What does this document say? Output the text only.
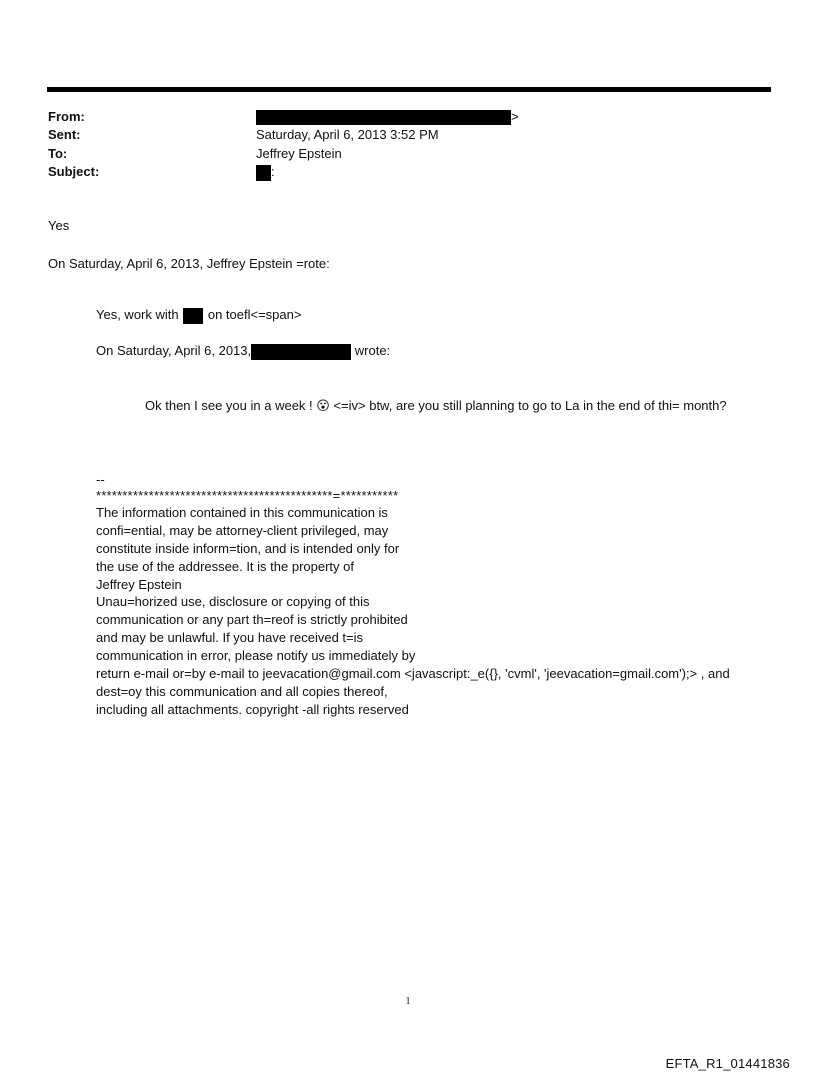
From:
Sent:
To:
Subject:
>
Saturday, April 6, 2013 3:52 PM
Jeffrey Epstein
:
Yes
On Saturday, April 6, 2013, Jeffrey Epstein =rote:
Yes, work with on toefl<=span>
On Saturday, April 6, 2013,	wrote:
Ok then I see you in a week ! 😮 <=iv> btw, are you still planning to go to La in the end of thi= month?
--
*********************************************=***********
The information contained in this communication is
confi=ential, may be attorney-client privileged, may
constitute inside inform=tion, and is intended only for
the use of the addressee. It is the property of
Jeffrey Epstein
Unau=horized use, disclosure or copying of this
communication or any part th=reof is strictly prohibited
and may be unlawful. If you have received t=is
communication in error, please notify us immediately by
return e-mail or=by e-mail to jeevacation@gmail.com <javascript:_e({}, 'cvml', 'jeevacation=gmail.com');> , and
dest=oy this communication and all copies thereof,
including all attachments. copyright -all rights reserved
1
EFTA_R1_01441836
